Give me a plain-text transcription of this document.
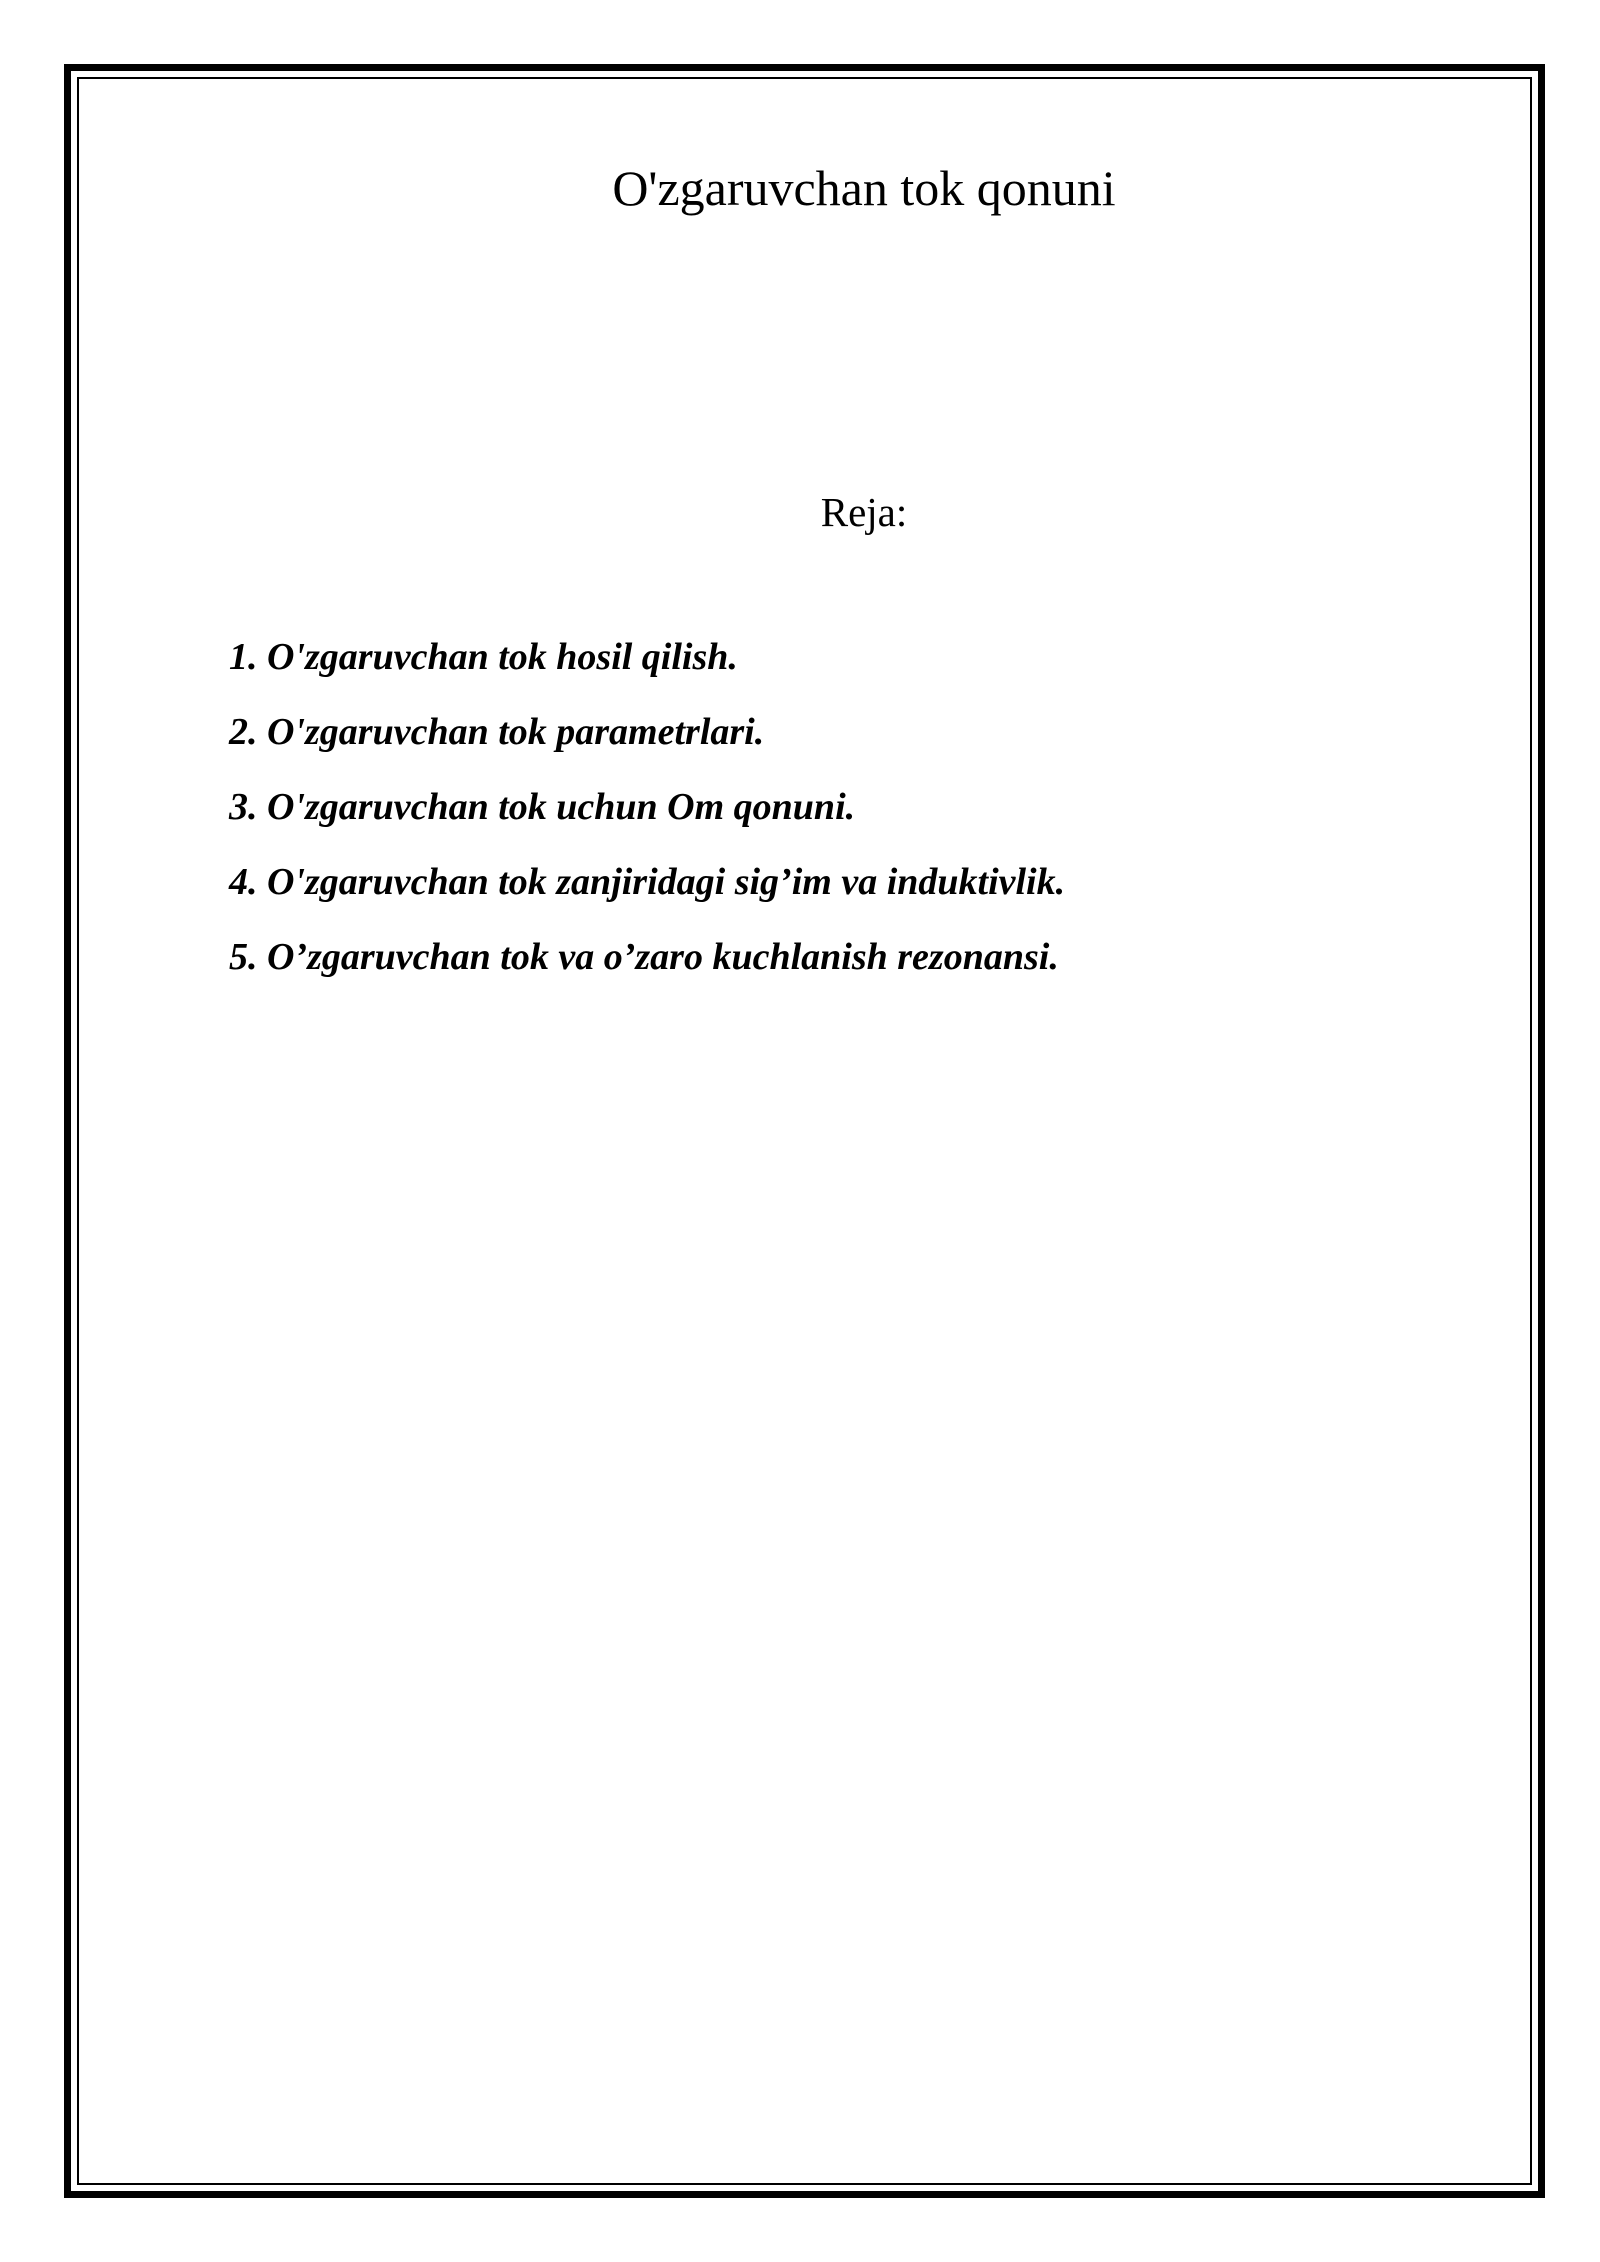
O'zgaruvchan tok qonuni
Reja:
1. O'zgaruvchan tok hosil qilish.
2. O'zgaruvchan tok parametrlari.
3. O'zgaruvchan tok uchun Om qonuni.
4. O'zgaruvchan tok zanjiridagi sig’im va induktivlik.
5. O’zgaruvchan tok va o’zaro kuchlanish rezonansi.
